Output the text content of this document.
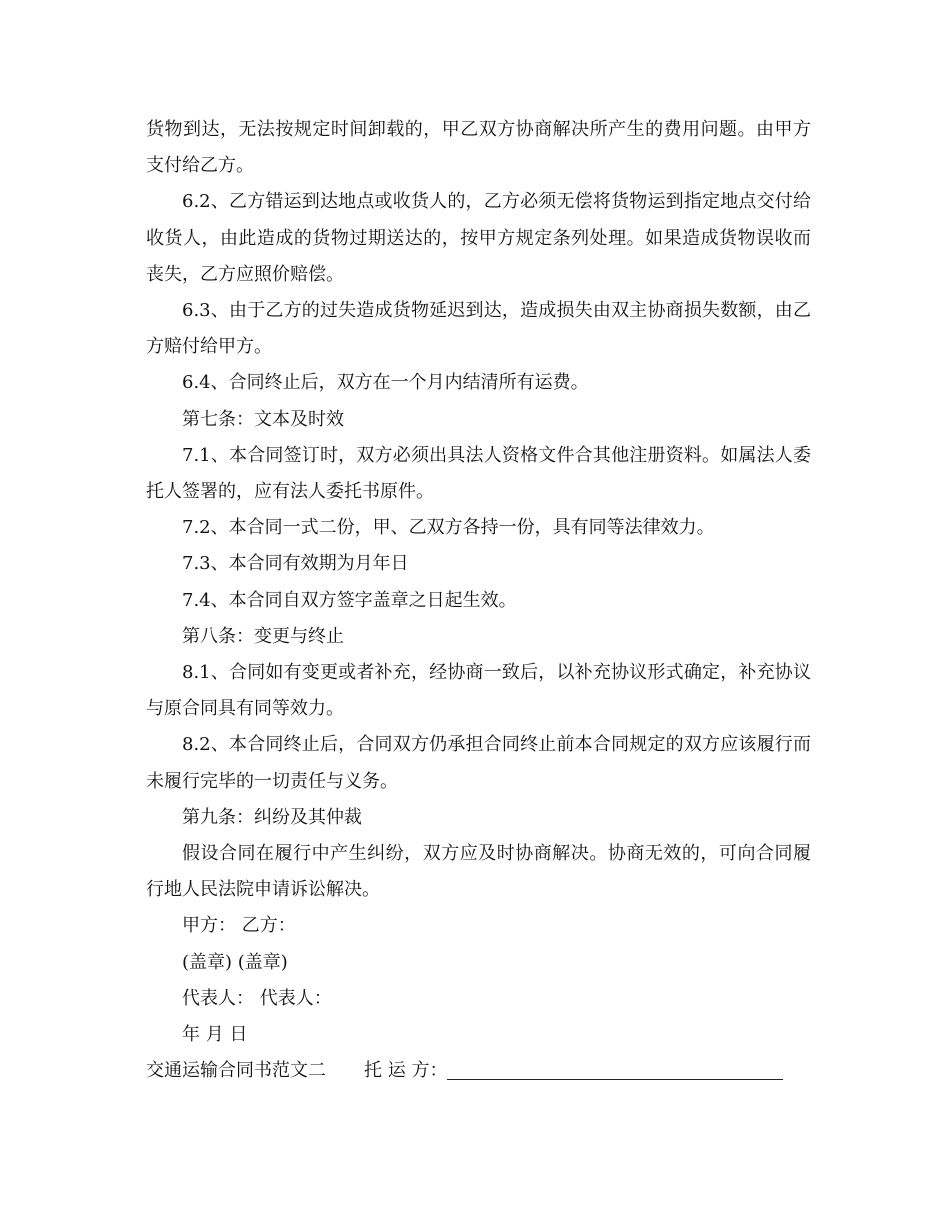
货物到达，无法按规定时间卸载的，甲乙双方协商解决所产生的费用问题。由甲方支付给乙方。

6.2、乙方错运到达地点或收货人的，乙方必须无偿将货物运到指定地点交付给收货人，由此造成的货物过期送达的，按甲方规定条列处理。如果造成货物误收而丧失，乙方应照价赔偿。

6.3、由于乙方的过失造成货物延迟到达，造成损失由双主协商损失数额，由乙方赔付给甲方。

6.4、合同终止后，双方在一个月内结清所有运费。

第七条：文本及时效

7.1、本合同签订时，双方必须出具法人资格文件合其他注册资料。如属法人委托人签署的，应有法人委托书原件。

7.2、本合同一式二份，甲、乙双方各持一份，具有同等法律效力。

7.3、本合同有效期为月年日

7.4、本合同自双方签字盖章之日起生效。

第八条：变更与终止

8.1、合同如有变更或者补充，经协商一致后，以补充协议形式确定，补充协议与原合同具有同等效力。

8.2、本合同终止后，合同双方仍承担合同终止前本合同规定的双方应该履行而未履行完毕的一切责任与义务。

第九条：纠纷及其仲裁

假设合同在履行中产生纠纷，双方应及时协商解决。协商无效的，可向合同履行地人民法院申请诉讼解决。

甲方： 乙方：

(盖章) (盖章)

代表人： 代表人：

年 月 日

交通运输合同书范文二 托 运 方：
